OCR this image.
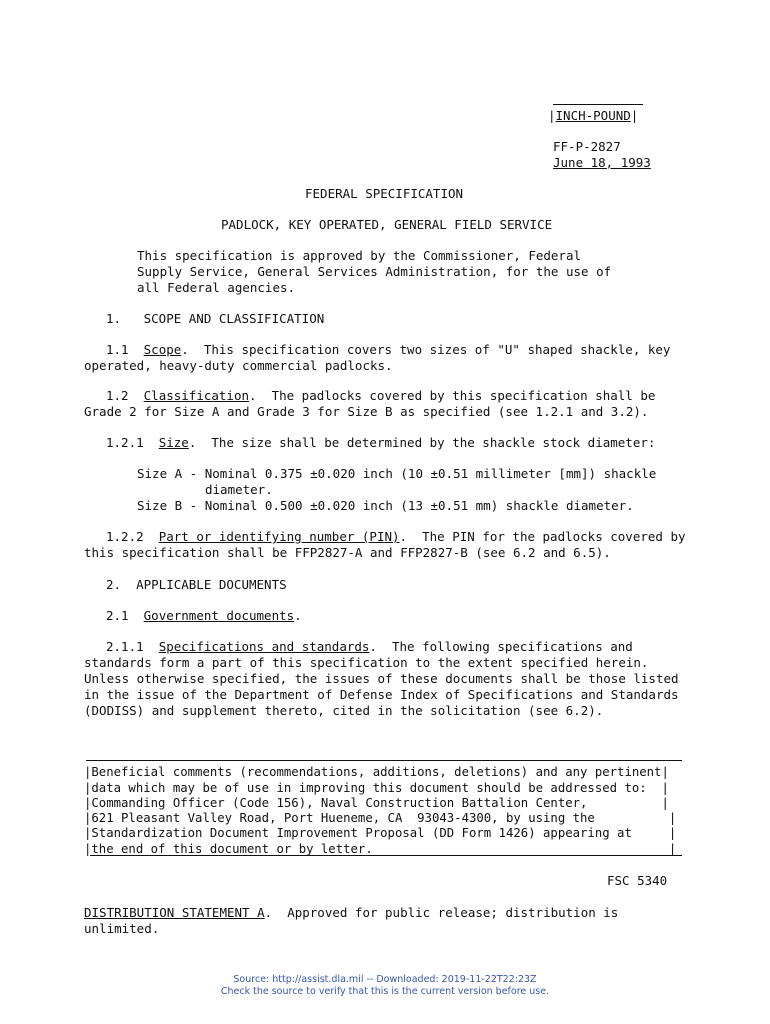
|INCH-POUND|
FF-P-2827
June 18, 1993
FEDERAL SPECIFICATION
PADLOCK, KEY OPERATED, GENERAL FIELD SERVICE
This specification is approved by the Commissioner, Federal
Supply Service, General Services Administration, for the use of
all Federal agencies.
1.   SCOPE AND CLASSIFICATION
1.1 Scope.  This specification covers two sizes of "U" shaped shackle, key
operated, heavy-duty commercial padlocks.
1.2 Classification.  The padlocks covered by this specification shall be
Grade 2 for Size A and Grade 3 for Size B as specified (see 1.2.1 and 3.2).
1.2.1 Size.  The size shall be determined by the shackle stock diameter:
Size A - Nominal 0.375 ±0.020 inch (10 ±0.51 millimeter [mm]) shackle
diameter.
Size B - Nominal 0.500 ±0.020 inch (13 ±0.51 mm) shackle diameter.
1.2.2 Part or identifying number (PIN).  The PIN for the padlocks covered by
this specification shall be FFP2827-A and FFP2827-B (see 6.2 and 6.5).
2.  APPLICABLE DOCUMENTS
2.1 Government documents.
2.1.1 Specifications and standards.  The following specifications and
standards form a part of this specification to the extent specified herein.
Unless otherwise specified, the issues of these documents shall be those listed
in the issue of the Department of Defense Index of Specifications and Standards
(DODISS) and supplement thereto, cited in the solicitation (see 6.2).
|Beneficial comments (recommendations, additions, deletions) and any pertinent|
|data which may be of use in improving this document should be addressed to:  |
|Commanding Officer (Code 156), Naval Construction Battalion Center,          |
|621 Pleasant Valley Road, Port Hueneme, CA  93043-4300, by using the          |
|Standardization Document Improvement Proposal (DD Form 1426) appearing at     |
|the end of this document or by letter.                                        |
FSC 5340
DISTRIBUTION STATEMENT A.  Approved for public release; distribution is
unlimited.
Source: http://assist.dla.mil -- Downloaded: 2019-11-22T22:23Z
Check the source to verify that this is the current version before use.
